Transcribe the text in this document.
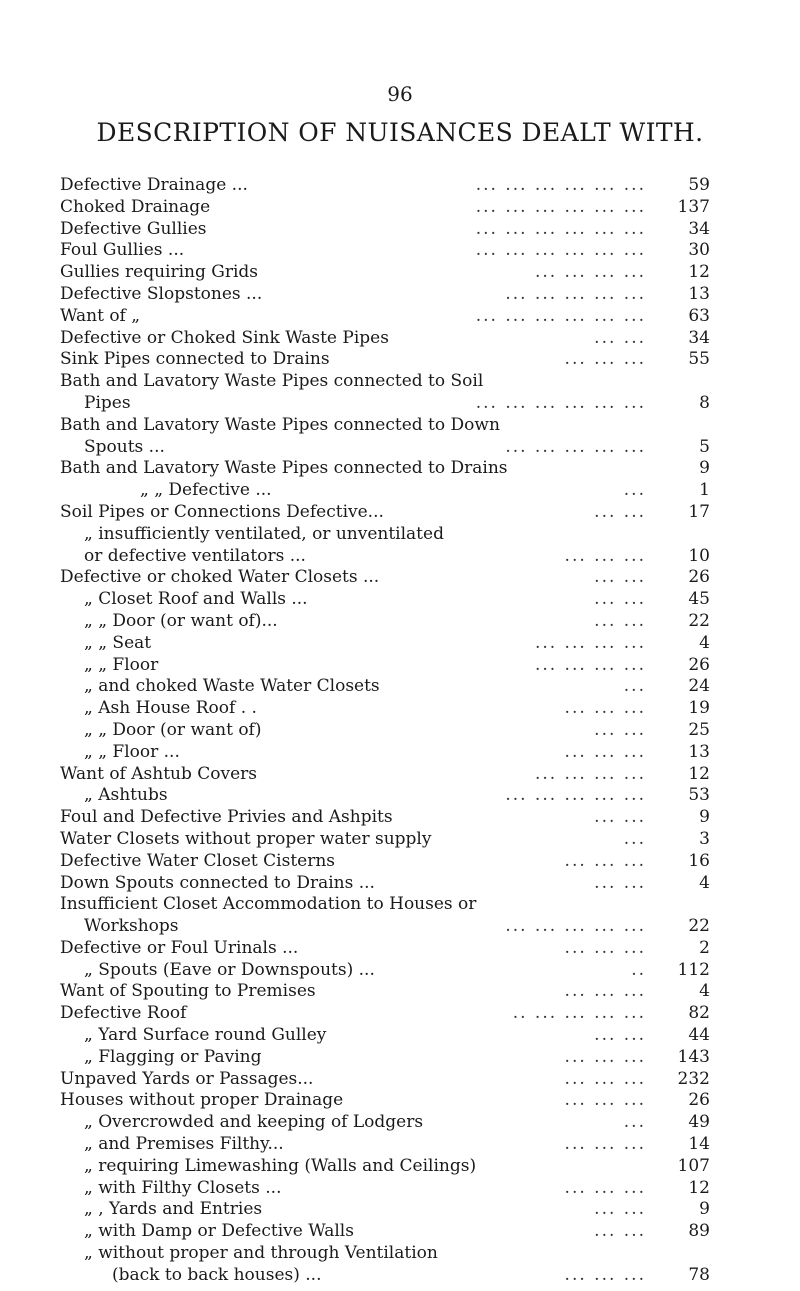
96
DESCRIPTION OF NUISANCES DEALT WITH.
Defective Drainage ...	... ... ... ... ... ...	59
Choked Drainage	... ... ... ... ... ...	137
Defective Gullies	... ... ... ... ... ...	34
Foul Gullies ...	... ... ... ... ... ...	30
Gullies requiring Grids	... ... ... ...	12
Defective Slopstones ...	... ... ... ... ...	13
Want of „	... ... ... ... ... ...	63
Defective or Choked Sink Waste Pipes	... ...	34
Sink Pipes connected to Drains	... ... ...	55
Bath and Lavatory Waste Pipes connected to Soil
Pipes	... ... ... ... ... ...	8
Bath and Lavatory Waste Pipes connected to Down
Spouts ...	... ... ... ... ...	5
Bath and Lavatory Waste Pipes connected to Drains	9
„ „ Defective ...	...	1
Soil Pipes or Connections Defective...	... ...	17
„ insufficiently ventilated, or unventilated
or defective ventilators ...	... ... ...	10
Defective or choked Water Closets ...	... ...	26
„ Closet Roof and Walls ...	... ...	45
„ „ Door (or want of)...	... ...	22
„ „ Seat	... ... ... ...	4
„ „ Floor	... ... ... ...	26
„ and choked Waste Water Closets	...	24
„ Ash House Roof . .	... ... ...	19
„ „ Door (or want of)	... ...	25
„ „ Floor ...	... ... ...	13
Want of Ashtub Covers	... ... ... ...	12
„ Ashtubs	... ... ... ... ...	53
Foul and Defective Privies and Ashpits	... ...	9
Water Closets without proper water supply	...	3
Defective Water Closet Cisterns	... ... ...	16
Down Spouts connected to Drains ...	... ...	4
Insufficient Closet Accommodation to Houses or
Workshops	... ... ... ... ...	22
Defective or Foul Urinals ...	... ... ...	2
„ Spouts (Eave or Downspouts) ...	..	112
Want of Spouting to Premises	... ... ...	4
Defective Roof	.. ... ... ... ...	82
„ Yard Surface round Gulley	... ...	44
„ Flagging or Paving	... ... ...	143
Unpaved Yards or Passages...	... ... ...	232
Houses without proper Drainage	... ... ...	26
„ Overcrowded and keeping of Lodgers	...	49
„ and Premises Filthy...	... ... ...	14
„ requiring Limewashing (Walls and Ceilings)	107
„ with Filthy Closets ...	... ... ...	12
„ , Yards and Entries	... ...	9
„ with Damp or Defective Walls	... ...	89
„ without proper and through Ventilation
(back to back houses) ...	... ... ...	78
